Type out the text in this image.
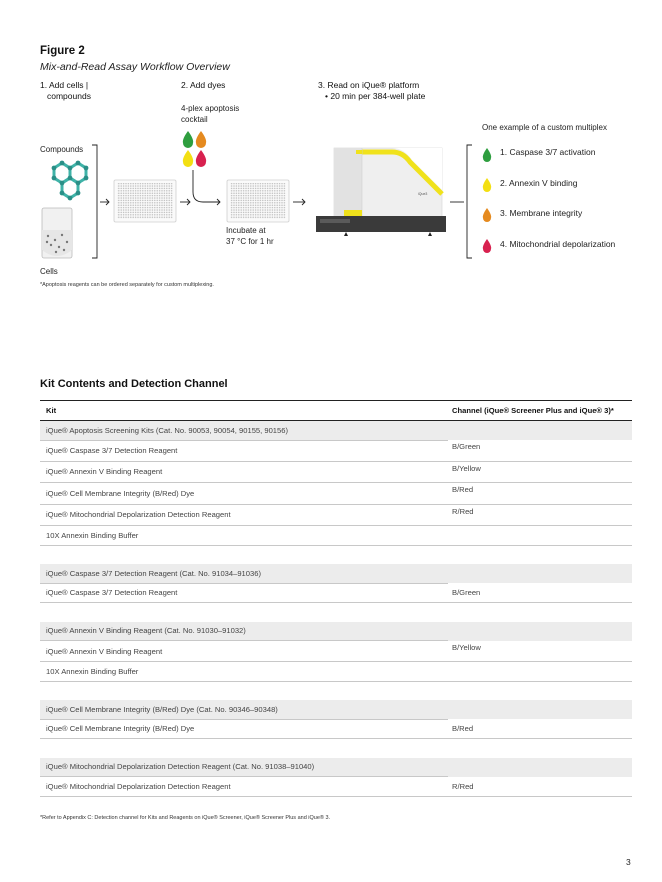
Figure 2
Mix-and-Read Assay Workflow Overview
1. Add cells |
compounds
2. Add dyes
4-plex apoptosis
cocktail
3. Read on iQue® platform
• 20 min per 384-well plate
Compounds
Cells
Incubate at
37 °C for 1 hr
One example of a custom multiplex
iQue3
1. Caspase 3/7 activation
2. Annexin V binding
3. Membrane integrity
4. Mitochondrial depolarization
*Apoptosis reagents can be ordered separately for custom multiplexing.
Kit Contents and Detection Channel
Kit	Channel (iQue® Screener Plus and iQue® 3)*
iQue® Apoptosis Screening Kits (Cat. No. 90053, 90054, 90155, 90156)	
iQue® Caspase 3/7 Detection Reagent	B/Green
iQue® Annexin V Binding Reagent	B/Yellow
iQue® Cell Membrane Integrity (B/Red) Dye	B/Red
iQue® Mitochondrial Depolarization Detection Reagent	R/Red
10X Annexin Binding Buffer	

iQue® Caspase 3/7 Detection Reagent (Cat. No. 91034–91036)	
iQue® Caspase 3/7 Detection Reagent	B/Green

iQue® Annexin V Binding Reagent (Cat. No. 91030–91032)	
iQue® Annexin V Binding Reagent	B/Yellow
10X Annexin Binding Buffer	

iQue® Cell Membrane Integrity (B/Red) Dye (Cat. No. 90346–90348)	
iQue® Cell Membrane Integrity (B/Red) Dye	B/Red

iQue® Mitochondrial Depolarization Detection Reagent (Cat. No. 91038–91040)	
iQue® Mitochondrial Depolarization Detection Reagent	R/Red
*Refer to Appendix C: Detection channel for Kits and Reagents on iQue® Screener, iQue® Screener Plus and iQue® 3.
3
